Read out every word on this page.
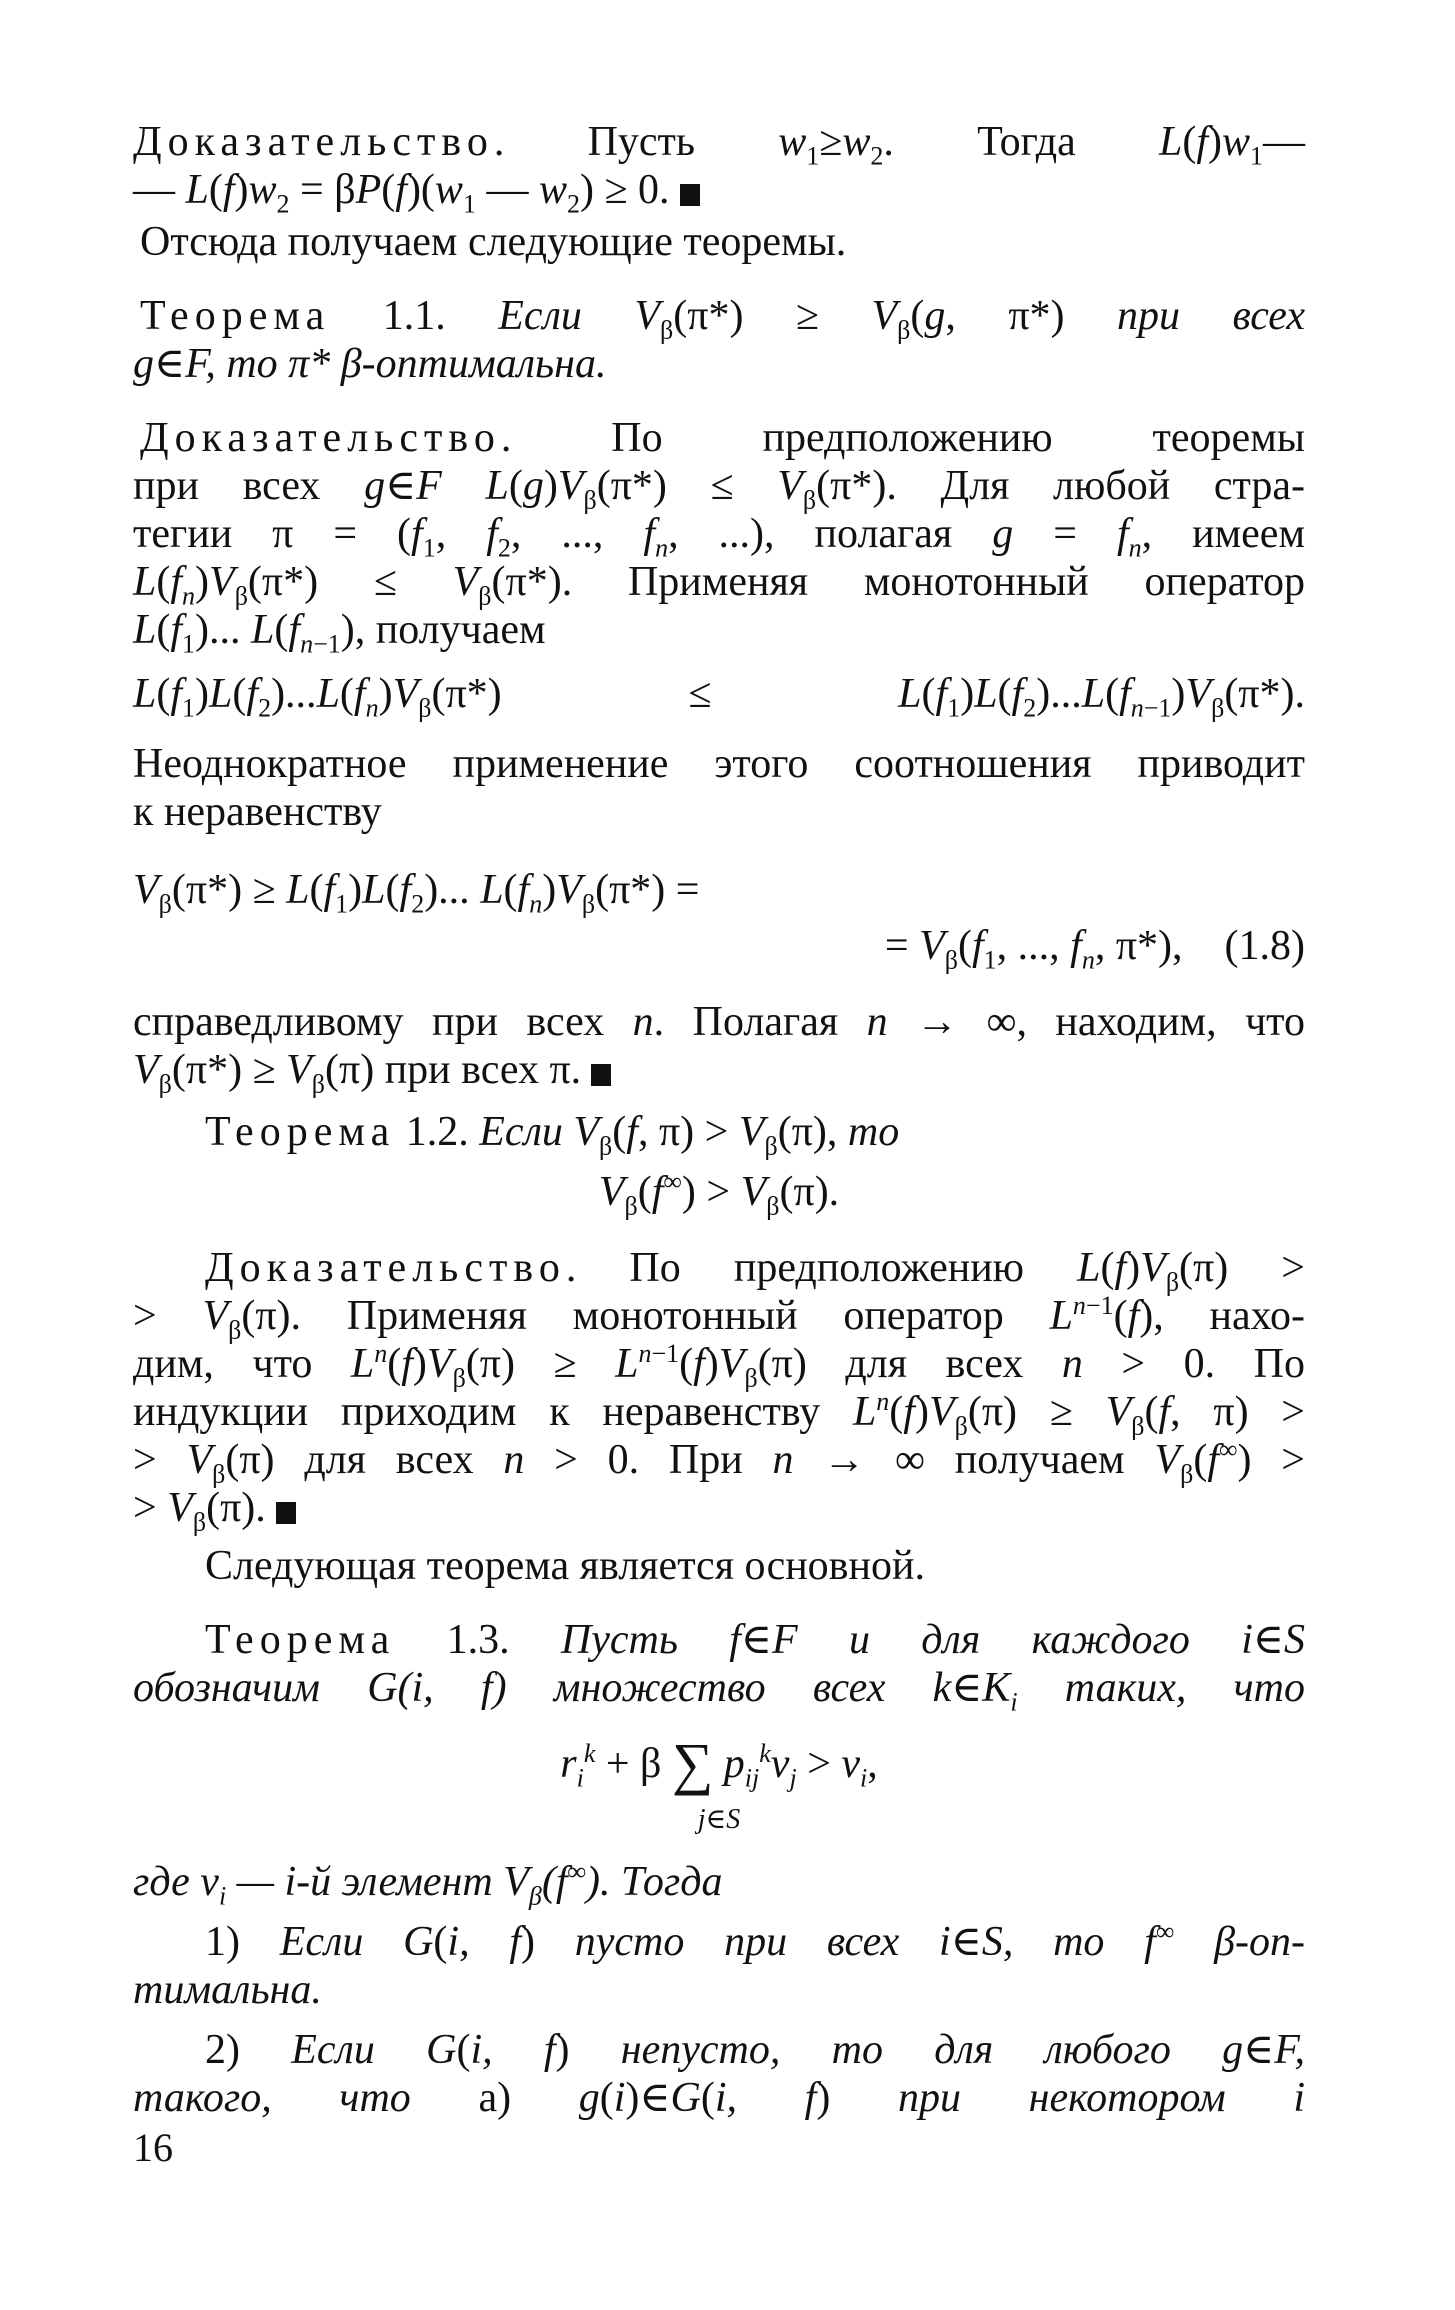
Доказательство. Пусть $w_1\ge w_2$. Тогда $L(f)w_1—$
— $L(f)w_2 = \beta P(f)(w_1$ — $w_2) \ge 0$.
Отсюда получаем следующие теоремы.
Теорема 1.1. Если $V_\beta(\pi*) \ge V_\beta(g$, π*) при всех
g∈F, то π* β-оптимальна.
Доказательство. По предположению теоремы
при всех g∈F $L(g)V_\beta(\pi*) \le V_\beta(\pi*)$. Для любой стра-
тегии $\pi = (f_1$, $f_2$, ..., $f_n$, ...), полагая $g = f_n$, имеем
$L(f_n)V_\beta(\pi*) \le V_\beta(\pi*)$. Применяя монотонный оператор
$L(f_1)$... $L(f_{n-1})$, получаем
$L(f_1)L(f_2)...L(f_n)V_\beta(\pi*) \le L(f_1)L(f_2)...L(f_{n-1})V_\beta(\pi*)$.
Неоднократное применение этого соотношения приводит
к неравенству
$V_\beta(\pi*) \ge L(f_1)L(f_2)$... $L(f_n)V_\beta(\pi*)$ =
= $V_\beta(f_1$, ..., $f_n$, π*),    (1.8)
справедливому при всех n. Полагая n → ∞, находим, что
$V_\beta(\pi*) \ge V_\beta(\pi)$ при всех π.
Теорема 1.2. Если $V_\beta(f$, $\pi) > V_\beta(\pi)$, то
$V_\beta(f^\infty) > V_\beta(\pi)$.
Доказательство. По предположению $L(f)V_\beta(\pi)$ >
> $V_\beta(\pi)$. Применяя монотонный оператор $L^{n-1}(f)$, нахо-
дим, что $L^n(f)V_\beta(\pi) \ge L^{n-1}(f)V_\beta(\pi)$ для всех n > 0. По
индукции приходим к неравенству $L^n(f)V_\beta(\pi) \ge V_\beta(f$, π) >
> $V_\beta(\pi)$ для всех n > 0. При n → ∞ получаем $V_\beta(f^\infty)$ >
> $V_\beta(\pi)$.
Следующая теорема является основной.
Теорема 1.3. Пусть f∈F и для каждого i∈S
обозначим G(i, f) множество всех $k\in K_i$ таких, что
$r_i^k + \beta$ ∑ $p_{ij}^kv_j > v_i$,
j∈S
где $v_i$ — i-й элемент $V_\beta(f^\infty)$. Тогда
1) Если G(i, f) пусто при всех i∈S, то f∞ β-оп-
тимальна.
2) Если G(i, f) непусто, то для любого g∈F,
такого, что а) g(i)∈G(i, f) при некотором i
16
